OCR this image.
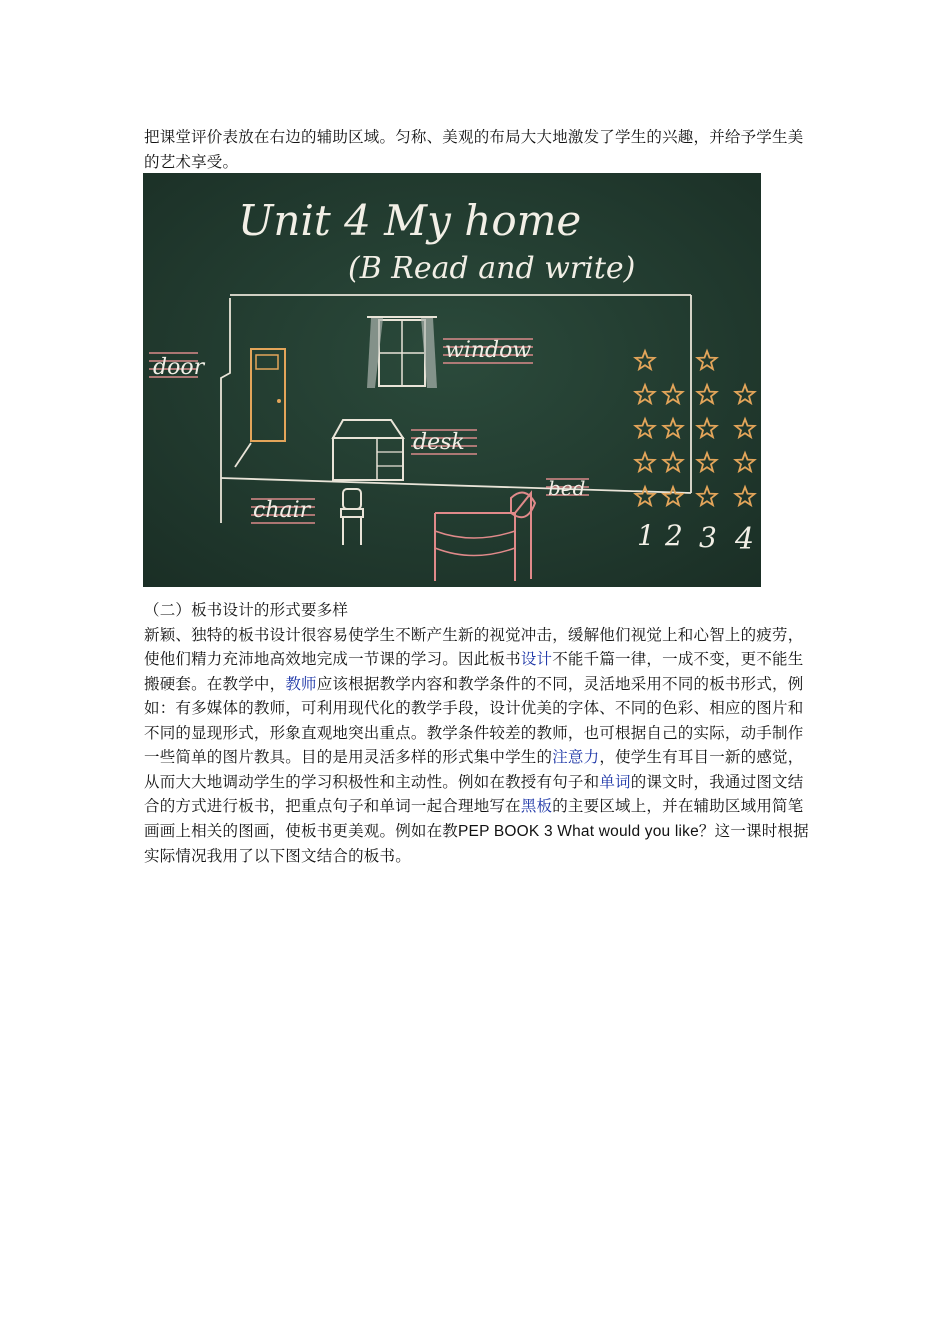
把课堂评价表放在右边的辅助区域。匀称、美观的布局大大地激发了学生的兴趣，并给予学生美的艺术享受。
Unit 4 My home
(B Read and write)
door
window
desk
chair
bed
1 2 3 4
（二）板书设计的形式要多样
新颖、独特的板书设计很容易使学生不断产生新的视觉冲击，缓解他们视觉上和心智上的疲劳，使他们精力充沛地高效地完成一节课的学习。因此板书设计不能千篇一律，一成不变，更不能生搬硬套。在教学中，教师应该根据教学内容和教学条件的不同，灵活地采用不同的板书形式，例如：有多媒体的教师，可利用现代化的教学手段，设计优美的字体、不同的色彩、相应的图片和不同的显现形式，形象直观地突出重点。教学条件较差的教师，也可根据自己的实际，动手制作一些简单的图片教具。目的是用灵活多样的形式集中学生的注意力，使学生有耳目一新的感觉，从而大大地调动学生的学习积极性和主动性。例如在教授有句子和单词的课文时，我通过图文结合的方式进行板书，把重点句子和单词一起合理地写在黑板的主要区域上，并在辅助区域用简笔画画上相关的图画，使板书更美观。例如在教PEP BOOK 3 What would you like？这一课时根据实际情况我用了以下图文结合的板书。
